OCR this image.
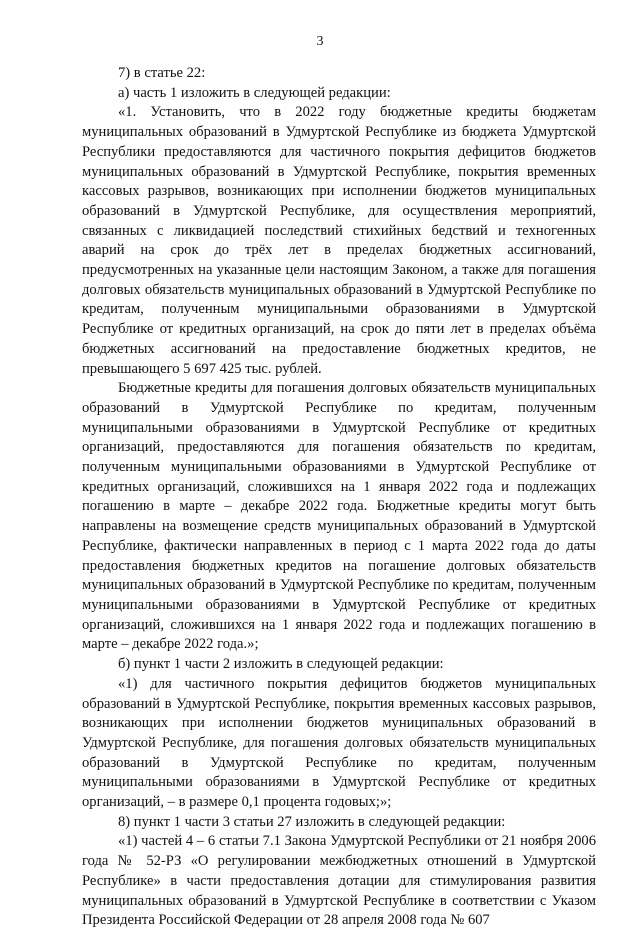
3

7) в статье 22:

а) часть 1 изложить в следующей редакции:

«1. Установить, что в 2022 году бюджетные кредиты бюджетам муниципальных образований в Удмуртской Республике из бюджета Удмуртской Республики предоставляются для частичного покрытия дефицитов бюджетов муниципальных образований в Удмуртской Республике, покрытия временных кассовых разрывов, возникающих при исполнении бюджетов муниципальных образований в Удмуртской Республике, для осуществления мероприятий, связанных с ликвидацией последствий стихийных бедствий и техногенных аварий на срок до трёх лет в пределах бюджетных ассигнований, предусмотренных на указанные цели настоящим Законом, а также для погашения долговых обязательств муниципальных образований в Удмуртской Республике по кредитам, полученным муниципальными образованиями в Удмуртской Республике от кредитных организаций, на срок до пяти лет в пределах объёма бюджетных ассигнований на предоставление бюджетных кредитов, не превышающего 5 697 425 тыс. рублей.

Бюджетные кредиты для погашения долговых обязательств муниципальных образований в Удмуртской Республике по кредитам, полученным муниципальными образованиями в Удмуртской Республике от кредитных организаций, предоставляются для погашения обязательств по кредитам, полученным муниципальными образованиями в Удмуртской Республике от кредитных организаций, сложившихся на 1 января 2022 года и подлежащих погашению в марте – декабре 2022 года. Бюджетные кредиты могут быть направлены на возмещение средств муниципальных образований в Удмуртской Республике, фактически направленных в период с 1 марта 2022 года до даты предоставления бюджетных кредитов на погашение долговых обязательств муниципальных образований в Удмуртской Республике по кредитам, полученным муниципальными образованиями в Удмуртской Республике от кредитных организаций, сложившихся на 1 января 2022 года и подлежащих погашению в марте – декабре 2022 года.»;

б) пункт 1 части 2 изложить в следующей редакции:

«1) для частичного покрытия дефицитов бюджетов муниципальных образований в Удмуртской Республике, покрытия временных кассовых разрывов, возникающих при исполнении бюджетов муниципальных образований в Удмуртской Республике, для погашения долговых обязательств муниципальных образований в Удмуртской Республике по кредитам, полученным муниципальными образованиями в Удмуртской Республике от кредитных организаций, – в размере 0,1 процента годовых;»;

8) пункт 1 части 3 статьи 27 изложить в следующей редакции:

«1) частей 4 – 6 статьи 7.1 Закона Удмуртской Республики от 21 ноября 2006 года № 52-РЗ «О регулировании межбюджетных отношений в Удмуртской Республике» в части предоставления дотации для стимулирования развития муниципальных образований в Удмуртской Республике в соответствии с Указом Президента Российской Федерации от 28 апреля 2008 года № 607
